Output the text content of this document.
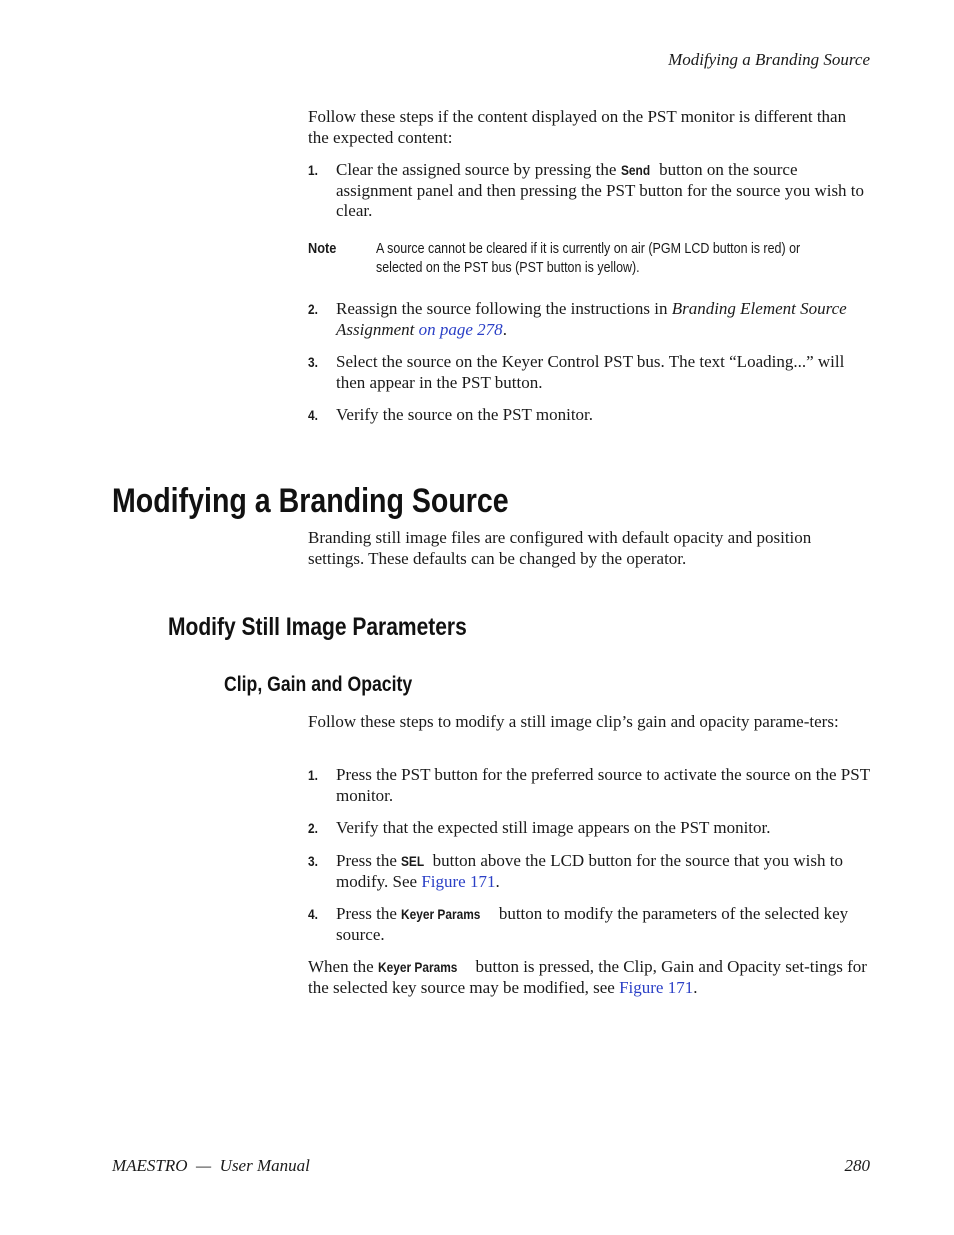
Modifying a Branding Source
Follow these steps if the content displayed on the PST monitor is different than the expected content:
1. Clear the assigned source by pressing the Send button on the source assignment panel and then pressing the PST button for the source you wish to clear.
Note	A source cannot be cleared if it is currently on air (PGM LCD button is red) or
selected on the PST bus (PST button is yellow).
2. Reassign the source following the instructions in Branding Element Source Assignment on page 278.
3. Select the source on the Keyer Control PST bus. The text “Loading...” will then appear in the PST button.
4. Verify the source on the PST monitor.
Modifying a Branding Source
Branding still image files are configured with default opacity and position settings. These defaults can be changed by the operator.
Modify Still Image Parameters
Clip, Gain and Opacity
Follow these steps to modify a still image clip’s gain and opacity parame-ters:
1. Press the PST button for the preferred source to activate the source on the PST monitor.
2. Verify that the expected still image appears on the PST monitor.
3. Press the SEL button above the LCD button for the source that you wish to modify. See Figure 171.
4. Press the Keyer Params button to modify the parameters of the selected key source.
When the Keyer Params button is pressed, the Clip, Gain and Opacity set-tings for the selected key source may be modified, see Figure 171.
MAESTRO  —  User Manual	280
